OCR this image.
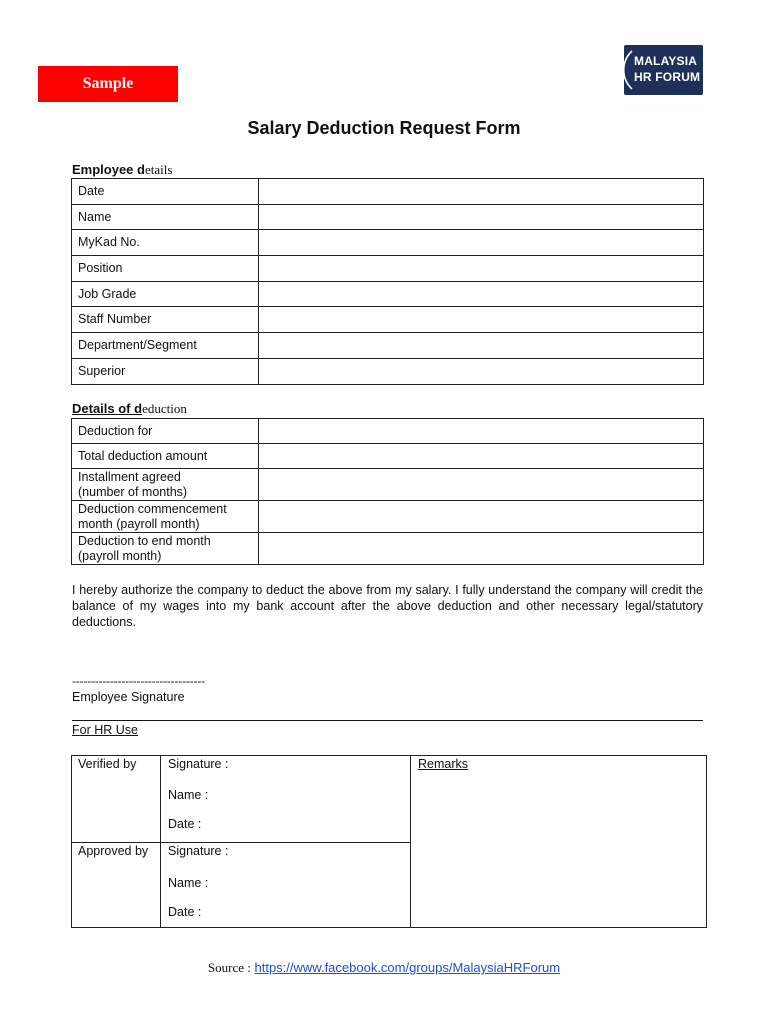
Sample
MALAYSIA
HR FORUM
Salary Deduction Request Form
Employee details
Date	
Name	
MyKad No.	
Position	
Job Grade	
Staff Number	
Department/Segment	
Superior	
Details of deduction
Deduction for	

Total deduction amount	

Installment agreed
(number of months)	

Deduction commencement
month (payroll month)	

Deduction to end month
(payroll month)	

I hereby authorize the company to deduct the above from my salary. I fully understand the company will credit the balance of my wages into my bank account after the above deduction and other necessary legal/statutory deductions.
-----------------------------------
Employee Signature
For HR Use
Verified by	Signature :
Name :
Date :
Approved by Signature :
Name :
Date :
Remarks
Source : https://www.facebook.com/groups/MalaysiaHRForum
